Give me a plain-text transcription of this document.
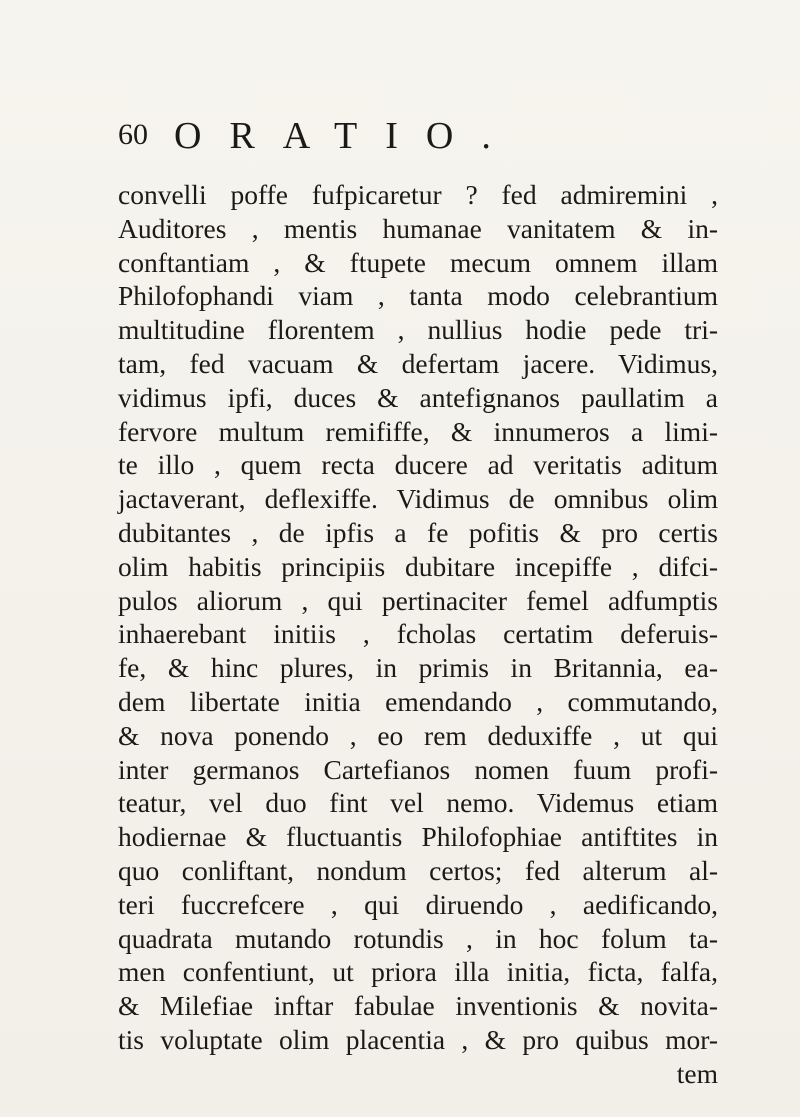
60 ORATIO.
convelli poffe fufpicaretur ? fed admiremini ,
Auditores , mentis humanae vanitatem & in-
conftantiam , & ftupete mecum omnem illam
Philofophandi viam , tanta modo celebrantium
multitudine florentem , nullius hodie pede tri-
tam, fed vacuam & defertam jacere. Vidimus,
vidimus ipfi, duces & antefignanos paullatim a
fervore multum remififfe, & innumeros a limi-
te illo , quem recta ducere ad veritatis aditum
jactaverant, deflexiffe. Vidimus de omnibus olim
dubitantes , de ipfis a fe pofitis & pro certis
olim habitis principiis dubitare incepiffe , difci-
pulos aliorum , qui pertinaciter femel adfumptis
inhaerebant initiis , fcholas certatim deferuis-
fe, & hinc plures, in primis in Britannia, ea-
dem libertate initia emendando , commutando,
& nova ponendo , eo rem deduxiffe , ut qui
inter germanos Cartefianos nomen fuum profi-
teatur, vel duo fint vel nemo. Videmus etiam
hodiernae & fluctuantis Philofophiae antiftites in
quo conliftant, nondum certos; fed alterum al-
teri fuccrefcere , qui diruendo , aedificando,
quadrata mutando rotundis , in hoc folum ta-
men confentiunt, ut priora illa initia, ficta, falfa,
& Milefiae inftar fabulae inventionis & novita-
tis voluptate olim placentia , & pro quibus mor-
tem
